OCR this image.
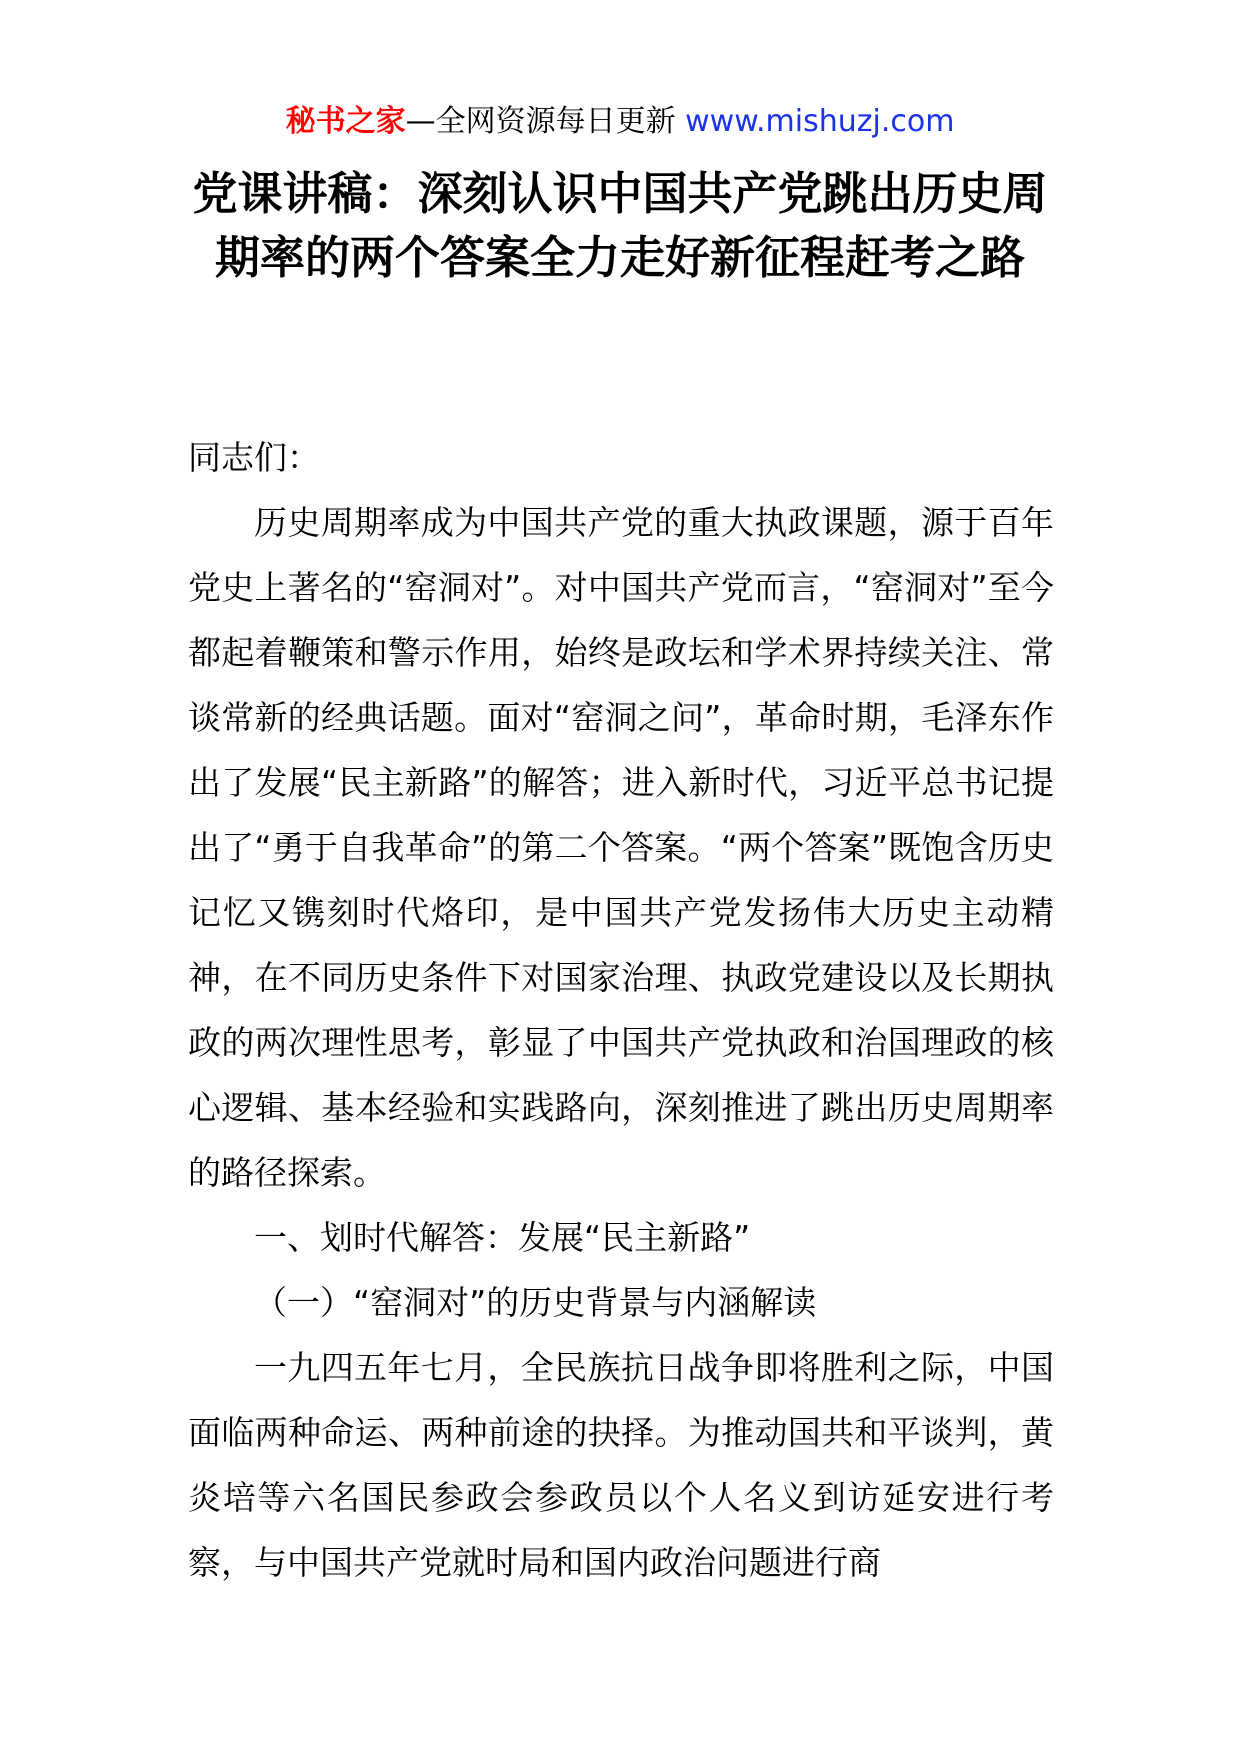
秘书之家—全网资源每日更新 www.mishuzj.com
党课讲稿：深刻认识中国共产党跳出历史周期率的两个答案全力走好新征程赶考之路

同志们：

历史周期率成为中国共产党的重大执政课题，源于百年党史上著名的“窑洞对”。对中国共产党而言，“窑洞对”至今都起着鞭策和警示作用，始终是政坛和学术界持续关注、常谈常新的经典话题。面对“窑洞之问”，革命时期，毛泽东作出了发展“民主新路”的解答；进入新时代，习近平总书记提出了“勇于自我革命”的第二个答案。“两个答案”既饱含历史记忆又镌刻时代烙印，是中国共产党发扬伟大历史主动精神，在不同历史条件下对国家治理、执政党建设以及长期执政的两次理性思考，彰显了中国共产党执政和治国理政的核心逻辑、基本经验和实践路向，深刻推进了跳出历史周期率的路径探索。

一、划时代解答：发展“民主新路”

（一）“窑洞对”的历史背景与内涵解读

一九四五年七月，全民族抗日战争即将胜利之际，中国面临两种命运、两种前途的抉择。为推动国共和平谈判，黄炎培等六名国民参政会参政员以个人名义到访延安进行考察，与中国共产党就时局和国内政治问题进行商
